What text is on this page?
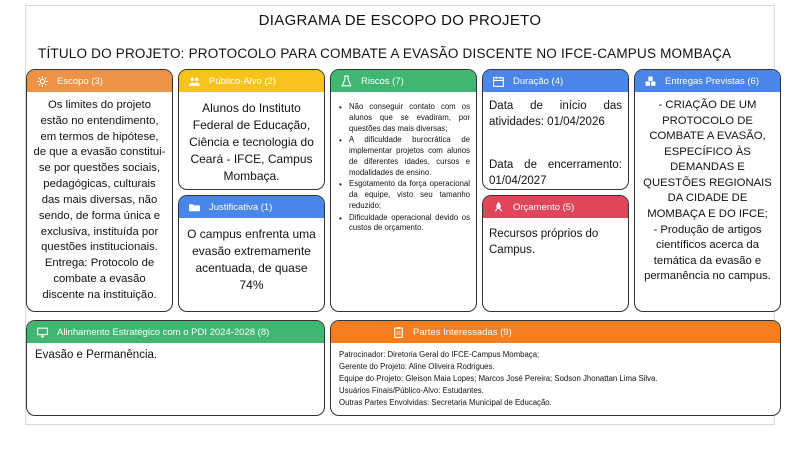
DIAGRAMA DE ESCOPO DO PROJETO
TÍTULO DO PROJETO: PROTOCOLO PARA COMBATE A EVASÃO DISCENTE NO IFCE-CAMPUS MOMBAÇA
Escopo (3)
Os limites do projeto estão no entendimento, em termos de hipótese, de que a evasão constitui-se por questões sociais, pedagógicas, culturais das mais diversas, não sendo, de forma única e exclusiva, instituída por questões institucionais.
Entrega: Protocolo de combate a evasão discente na instituição.
Público-Alvo (2)
Alunos do Instituto Federal de Educação, Ciência e tecnologia do Ceará - IFCE, Campus Mombaça.
Justificativa (1)
O campus enfrenta uma evasão extremamente acentuada, de quase 74%
Riscos (7)
• Não conseguir contato com os alunos que se evadiram, por questões das mais diversas;
• A dificuldade burocrática de implementar projetos com alunos de diferentes idades, cursos e modalidades de ensino.
• Esgotamento da força operacional da equipe, visto seu tamanho reduzido;
• Dificuldade operacional devido os custos de orçamento.
Duração (4)
Data de início das atividades: 01/04/2026
Data de encerramento: 01/04/2027
Orçamento (5)
Recursos próprios do Campus.
Entregas Previstas (6)
- CRIAÇÃO DE UM PROTOCOLO DE COMBATE A EVASÃO, ESPECÍFICO ÀS DEMANDAS E QUESTÕES REGIONAIS DA CIDADE DE MOMBAÇA E DO IFCE;
- Produção de artigos científicos acerca da temática da evasão e permanência no campus.
Alinhamento Estratégico com o PDI 2024-2028 (8)
Evasão e Permanência.
Partes Interessadas (9)
Patrocinador: Diretoria Geral do IFCE-Campus Mombaça;
Gerente do Projeto: Aline Oliveira Rodrigues.
Equipe do Projeto: Gleison Maia Lopes; Marcos José Pereira; Sodson Jhonattan Lima Silva.
Usuários Finais/Público-Alvo: Estudantes.
Outras Partes Envolvidas: Secretaria Municipal de Educação.
